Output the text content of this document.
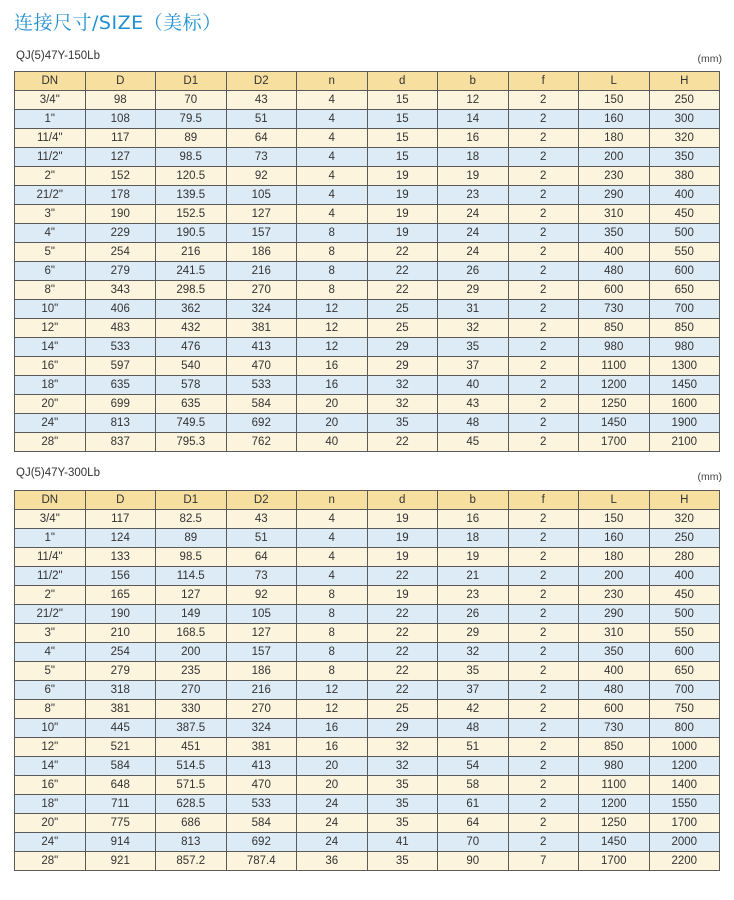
连接尺寸/SIZE（美标）
QJ(5)47Y-150Lb	(mm)
DN	D	D1	D2	n	d	b	f	L	H
3/4"	98	70	43	4	15	12	2	150	250
1"	108	79.5	51	4	15	14	2	160	300
11/4"	117	89	64	4	15	16	2	180	320
11/2"	127	98.5	73	4	15	18	2	200	350
2"	152	120.5	92	4	19	19	2	230	380
21/2"	178	139.5	105	4	19	23	2	290	400
3"	190	152.5	127	4	19	24	2	310	450
4"	229	190.5	157	8	19	24	2	350	500
5"	254	216	186	8	22	24	2	400	550
6"	279	241.5	216	8	22	26	2	480	600
8"	343	298.5	270	8	22	29	2	600	650
10"	406	362	324	12	25	31	2	730	700
12"	483	432	381	12	25	32	2	850	850
14"	533	476	413	12	29	35	2	980	980
16"	597	540	470	16	29	37	2	1100	1300
18"	635	578	533	16	32	40	2	1200	1450
20"	699	635	584	20	32	43	2	1250	1600
24"	813	749.5	692	20	35	48	2	1450	1900
28"	837	795.3	762	40	22	45	2	1700	2100
QJ(5)47Y-300Lb	(mm)
DN	D	D1	D2	n	d	b	f	L	H
3/4"	117	82.5	43	4	19	16	2	150	320
1"	124	89	51	4	19	18	2	160	250
11/4"	133	98.5	64	4	19	19	2	180	280
11/2"	156	114.5	73	4	22	21	2	200	400
2"	165	127	92	8	19	23	2	230	450
21/2"	190	149	105	8	22	26	2	290	500
3"	210	168.5	127	8	22	29	2	310	550
4"	254	200	157	8	22	32	2	350	600
5"	279	235	186	8	22	35	2	400	650
6"	318	270	216	12	22	37	2	480	700
8"	381	330	270	12	25	42	2	600	750
10"	445	387.5	324	16	29	48	2	730	800
12"	521	451	381	16	32	51	2	850	1000
14"	584	514.5	413	20	32	54	2	980	1200
16"	648	571.5	470	20	35	58	2	1100	1400
18"	711	628.5	533	24	35	61	2	1200	1550
20"	775	686	584	24	35	64	2	1250	1700
24"	914	813	692	24	41	70	2	1450	2000
28"	921	857.2	787.4	36	35	90	7	1700	2200
